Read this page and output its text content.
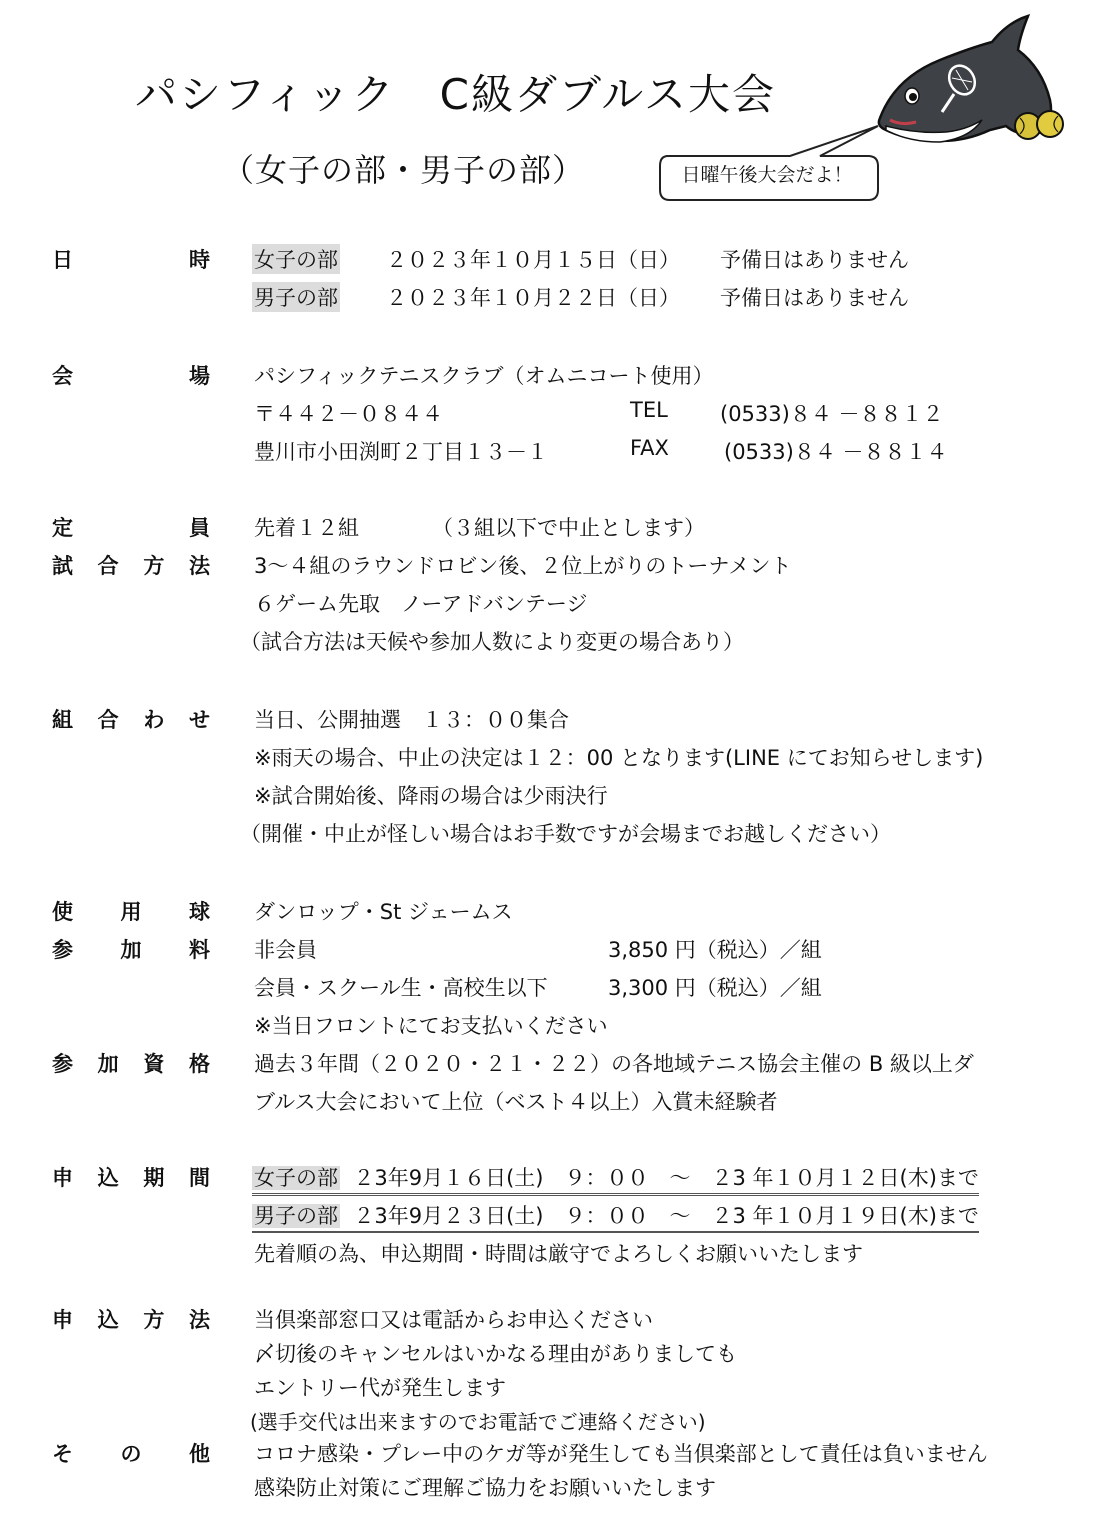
パシフィック　C級ダブルス大会
（女子の部・男子の部）	日曜午後大会だよ！
日	時 女子の部 ２０２３年１０月１５日（日） 予備日はありません
男子の部 ２０２３年１０月２２日（日） 予備日はありません
会	場 パシフィックテニスクラブ（オムニコート使用）
〒４４２－０８４４	TEL (0533)８４ －８８１２
豊川市小田渕町２丁目１３－１	FAX	(0533)８４ －８８１４
定	員 先着１２組	（３組以下で中止とします）
試 合 方 法 3～４組のラウンドロビン後、２位上がりのトーナメント
６ゲーム先取　ノーアドバンテージ
（試合方法は天候や参加人数により変更の場合あり）
組 合 わ せ 当日、公開抽選　１３：００集合
※雨天の場合、中止の決定は１２：00 となります(LINE にてお知らせします)
※試合開始後、降雨の場合は少雨決行
（開催・中止が怪しい場合はお手数ですが会場までお越しください）
使 用 球 ダンロップ・St ジェームス
参 加 料 非会員	3,850 円（税込）／組
会員・スクール生・高校生以下	3,300 円（税込）／組
※当日フロントにてお支払いください
参 加 資 格 過去３年間（２０２０・２１・２２）の各地域テニス協会主催の B 級以上ダ
ブルス大会において上位（ベスト４以上）入賞未経験者
申 込 期 間 女子の部 ２3年9月１６日(土)　９：００　～　２3 年１０月１２日(木)まで
男子の部 ２3年9月２３日(土)　９：００　～　２3 年１０月１９日(木)まで
先着順の為、申込期間・時間は厳守でよろしくお願いいたします
申 込 方 法 当倶楽部窓口又は電話からお申込ください
〆切後のキャンセルはいかなる理由がありましても
エントリー代が発生します
(選手交代は出来ますのでお電話でご連絡ください)
そ の 他 コロナ感染・プレー中のケガ等が発生しても当倶楽部として責任は負いません
感染防止対策にご理解ご協力をお願いいたします
